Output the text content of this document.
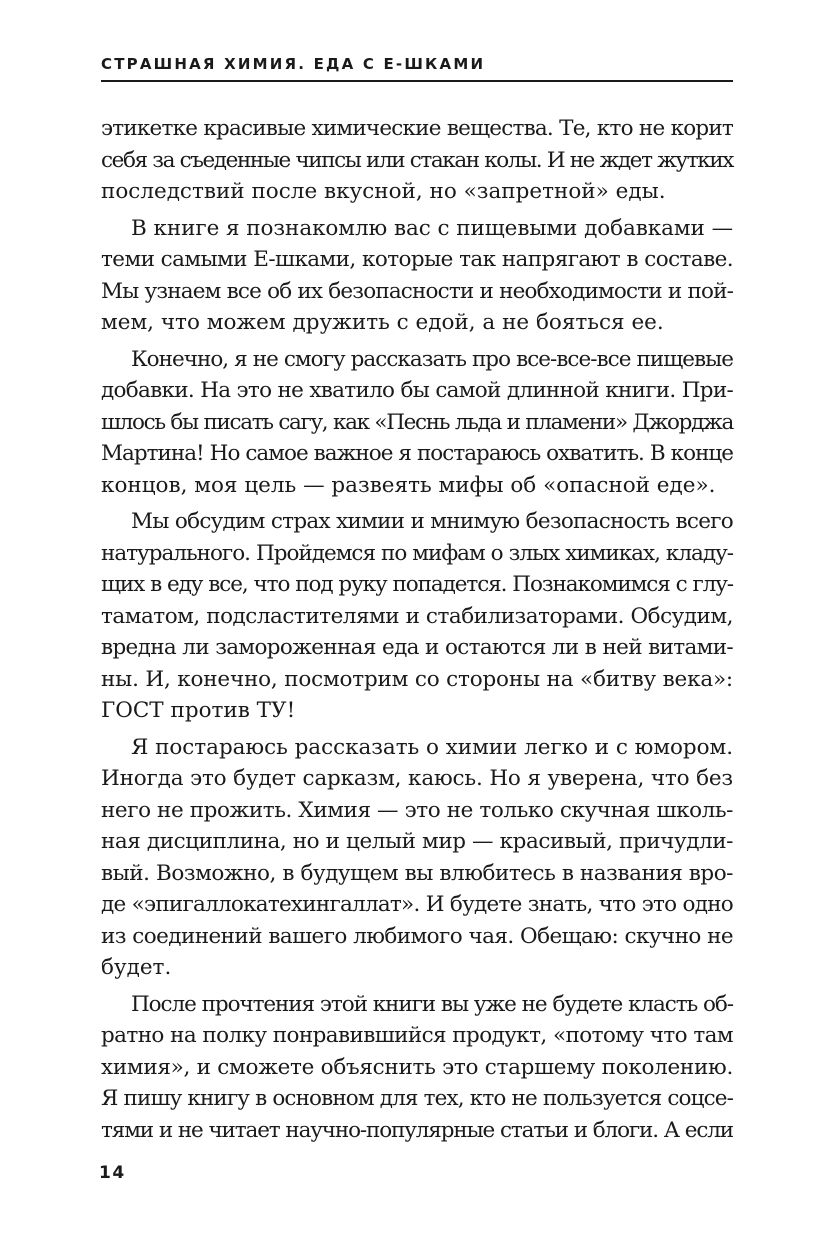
СТРАШНАЯ ХИМИЯ. ЕДА С Е-ШКАМИ
этикетке красивые химические вещества. Те, кто не корит
себя за съеденные чипсы или стакан колы. И не ждет жутких
последствий после вкусной, но «запретной» еды.
В книге я познакомлю вас с пищевыми добавками —
теми самыми Е-шками, которые так напрягают в составе.
Мы узнаем все об их безопасности и необходимости и пой-
мем, что можем дружить с едой, а не бояться ее.
Конечно, я не смогу рассказать про все-все-все пищевые
добавки. На это не хватило бы самой длинной книги. При-
шлось бы писать сагу, как «Песнь льда и пламени» Джорджа
Мартина! Но самое важное я постараюсь охватить. В конце
концов, моя цель — развеять мифы об «опасной еде».
Мы обсудим страх химии и мнимую безопасность всего
натурального. Пройдемся по мифам о злых химиках, кладу-
щих в еду все, что под руку попадется. Познакомимся с глу-
таматом, подсластителями и стабилизаторами. Обсудим,
вредна ли замороженная еда и остаются ли в ней витами-
ны. И, конечно, посмотрим со стороны на «битву века»:
ГОСТ против ТУ!
Я постараюсь рассказать о химии легко и с юмором.
Иногда это будет сарказм, каюсь. Но я уверена, что без
него не прожить. Химия — это не только скучная школь-
ная дисциплина, но и целый мир — красивый, причудли-
вый. Возможно, в будущем вы влюбитесь в названия вро-
де «эпигаллокатехингаллат». И будете знать, что это одно
из соединений вашего любимого чая. Обещаю: скучно не
будет.
После прочтения этой книги вы уже не будете класть об-
ратно на полку понравившийся продукт, «потому что там
химия», и сможете объяснить это старшему поколению.
Я пишу книгу в основном для тех, кто не пользуется соцсе-
тями и не читает научно-популярные статьи и блоги. А если
14
